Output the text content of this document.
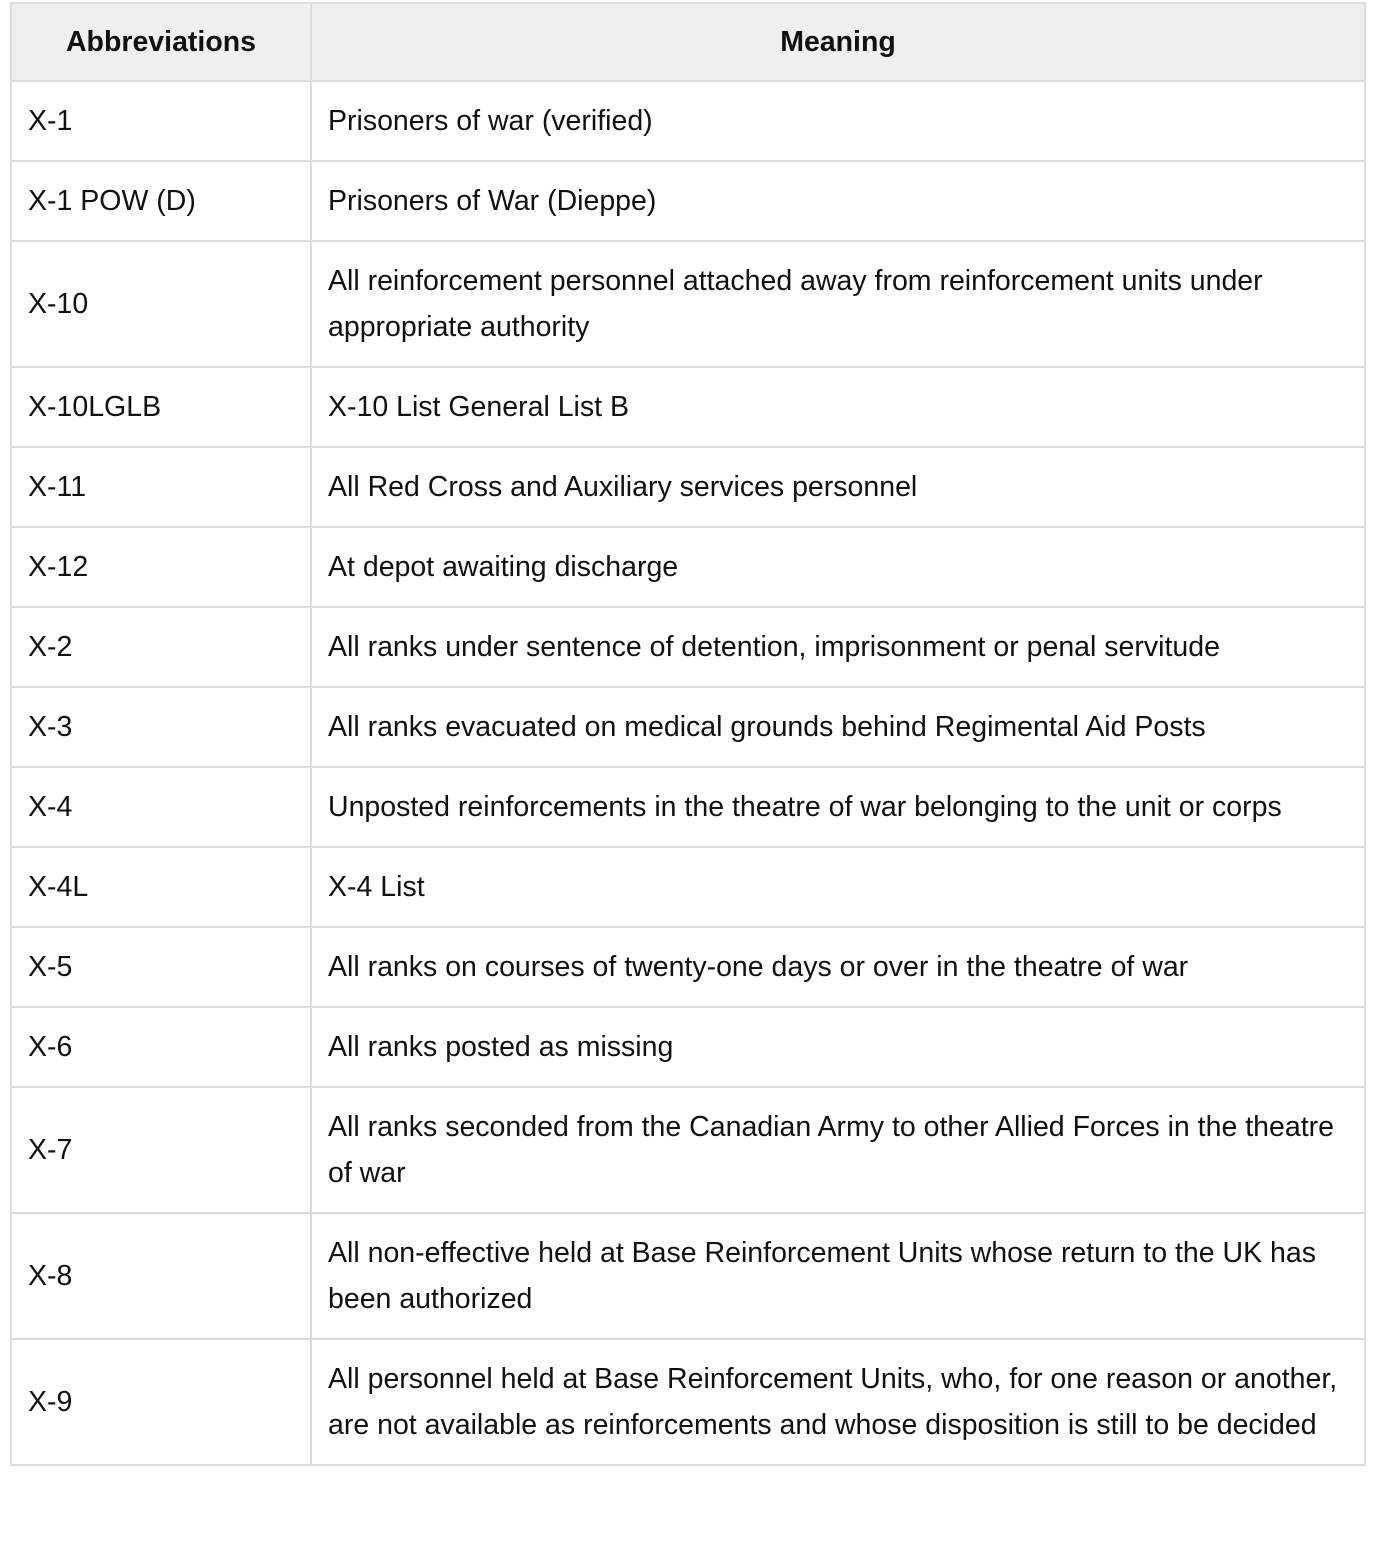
Abbreviations	Meaning
X-1	Prisoners of war (verified)
X-1 POW (D)	Prisoners of War (Dieppe)
X-10	All reinforcement personnel attached away from reinforcement units under appropriate authority
X-10LGLB	X-10 List General List B
X-11	All Red Cross and Auxiliary services personnel
X-12	At depot awaiting discharge
X-2	All ranks under sentence of detention, imprisonment or penal servitude
X-3	All ranks evacuated on medical grounds behind Regimental Aid Posts
X-4	Unposted reinforcements in the theatre of war belonging to the unit or corps
X-4L	X-4 List
X-5	All ranks on courses of twenty-one days or over in the theatre of war
X-6	All ranks posted as missing
X-7	All ranks seconded from the Canadian Army to other Allied Forces in the theatre of war
X-8	All non-effective held at Base Reinforcement Units whose return to the UK has been authorized
X-9	All personnel held at Base Reinforcement Units, who, for one reason or another, are not available as reinforcements and whose disposition is still to be decided
